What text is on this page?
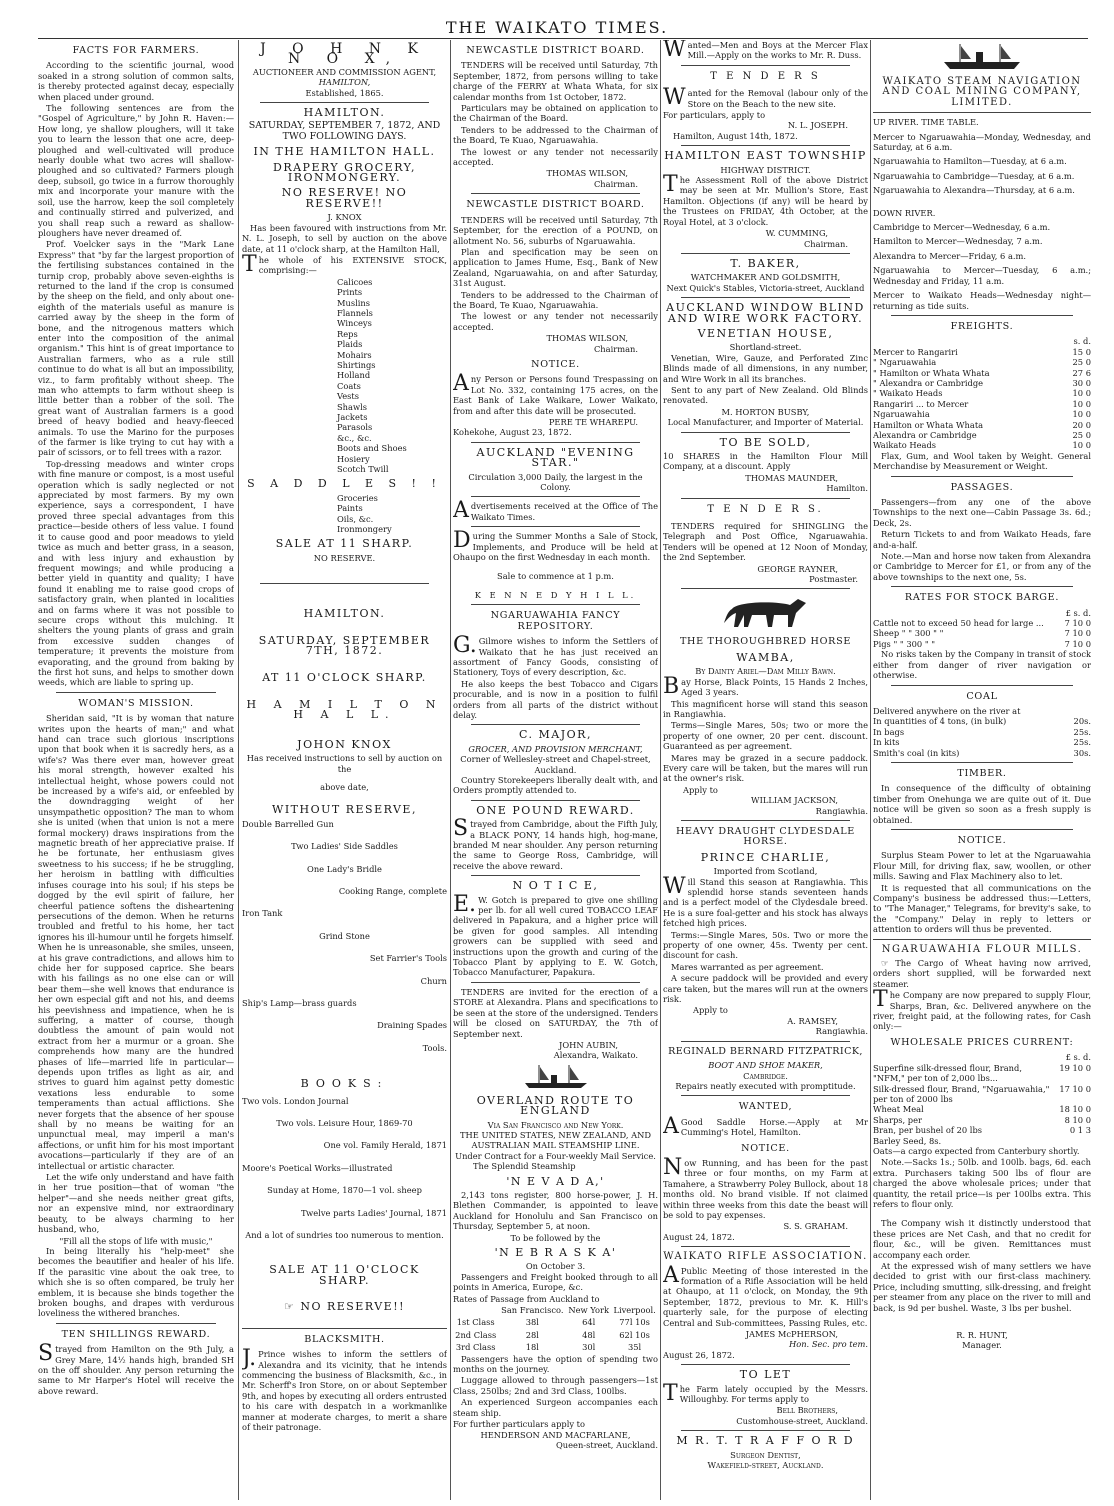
THE WAIKATO TIMES.
FACTS FOR FARMERS.

According to the scientific journal, wood soaked in a strong solution of common salts, is thereby protected against decay, especially when placed under ground.

The following sentences are from the "Gospel of Agriculture," by John R. Haven:—How long, ye shallow ploughers, will it take you to learn the lesson that one acre, deep-ploughed and well-cultivated will produce nearly double what two acres will shallow-ploughed and so cultivated? Farmers plough deep, subsoil, go twice in a furrow thoroughly mix and incorporate your manure with the soil, use the harrow, keep the soil completely and continually stirred and pulverized, and you shall reap such a reward as shallow-ploughers have never dreamed of.

Prof. Voelcker says in the "Mark Lane Express" that "by far the largest proportion of the fertilising substances contained in the turnip crop, probably above seven-eighths is returned to the land if the crop is consumed by the sheep on the field, and only about one-eighth of the materials useful as manure is carried away by the sheep in the form of bone, and the nitrogenous matters which enter into the composition of the animal organism." This hint is of great importance to Australian farmers, who as a rule still continue to do what is all but an impossibility, viz., to farm profitably without sheep. The man who attempts to farm without sheep is little better than a robber of the soil. The great want of Australian farmers is a good breed of heavy bodied and heavy-fleeced animals. To use the Marino for the purposes of the farmer is like trying to cut hay with a pair of scissors, or to fell trees with a razor.

Top-dressing meadows and winter crops with fine manure or compost, is a most useful operation which is sadly neglected or not appreciated by most farmers. By my own experience, says a correspondent, I have proved three special advantages from this practice—beside others of less value. I found it to cause good and poor meadows to yield twice as much and better grass, in a season, and with less injury and exhaustion by frequent mowings; and while producing a better yield in quantity and quality; I have found it enabling me to raise good crops of satisfactory grain, when planted in localities and on farms where it was not possible to secure crops without this mulching. It shelters the young plants of grass and grain from excessive sudden changes of temperature; it prevents the moisture from evaporating, and the ground from baking by the first hot suns, and helps to smother down weeds, which are liable to spring up.

WOMAN'S MISSION.

Sheridan said, "It is by woman that nature writes upon the hearts of man;" and what hand can trace such glorious inscriptions upon that book when it is sacredly hers, as a wife's? Was there ever man, however great his moral strength, however exalted his intellectual height, whose powers could not be increased by a wife's aid, or enfeebled by the downdragging weight of her unsympathetic opposition? The man to whom she is united (when that union is not a mere formal mockery) draws inspirations from the magnetic breath of her appreciative praise. If he be fortunate, her enthusiasm gives sweetness to his success; if he be struggling, her heroism in battling with difficulties infuses courage into his soul; if his steps be dogged by the evil spirit of failure, her cheerful patience softens the disheartening persecutions of the demon. When he returns troubled and fretful to his home, her tact ignores his ill-humour until he forgets himself. When he is unreasonable, she smiles, unseen, at his grave contradictions, and allows him to chide her for supposed caprice. She bears with his failings as no one else can or will bear them—she well knows that endurance is her own especial gift and not his, and deems his peevishness and impatience, when he is suffering, a matter of course, though doubtless the amount of pain would not extract from her a murmur or a groan. She comprehends how many are the hundred phases of life—married life in particular—depends upon trifles as light as air, and strives to guard him against petty domestic vexations less endurable to some temperaments than actual afflictions. She never forgets that the absence of her spouse shall by no means be waiting for an unpunctual meal, may imperil a man's affections, or unfit him for his most important avocations—particularly if they are of an intellectual or artistic character.

Let the wife only understand and have faith in her true position—that of woman "the helper"—and she needs neither great gifts, nor an expensive mind, nor extraordinary beauty, to be always charming to her husband, who,

"Fill all the stops of life with music,"

In being literally his "help-meet" she becomes the beautifier and healer of his life. If the parasitic vine about the oak tree, to which she is so often compared, be truly her emblem, it is because she binds together the broken boughs, and drapes with verdurous loveliness the withered branches.

TEN SHILLINGS REWARD.

Strayed from Hamilton on the 9th July, a Grey Mare, 14½ hands high, branded SH on the off shoulder. Any person returning the same to Mr Harper's Hotel will receive the above reward.

J O H N K N O X,
AUCTIONEER AND COMMISSION AGENT,
HAMILTON,
Established, 1865.
HAMILTON.
SATURDAY, SEPTEMBER 7, 1872, AND TWO FOLLOWING DAYS.
IN THE HAMILTON HALL.
DRAPERY GROCERY, IRONMONGERY.
NO RESERVE! NO RESERVE!!
J. KNOX

Has been favoured with instructions from Mr. N. L. Joseph, to sell by auction on the above date, at 11 o'clock sharp, at the Hamilton Hall,

The whole of his EXTENSIVE STOCK, comprising:—

Calicoes
Prints
Muslins
Flannels
Winceys
Reps
Plaids
Mohairs
Shirtings
Holland
Coats
Vests
Shawls
Jackets
Parasols
&c., &c.
Boots and Shoes
Hosiery
Scotch Twill
S A D D L E S ! !
Groceries
Paints
Oils, &c.
Ironmongery
SALE AT 11 SHARP.
NO RESERVE.
HAMILTON.
SATURDAY, SEPTEMBER 7TH, 1872.
AT 11 O'CLOCK SHARP.
H A M I L T O N H A L L.
JOHON KNOX
Has received instructions to sell by auction on the
above date,
WITHOUT RESERVE,
Double Barrelled Gun
Two Ladies' Side Saddles
One Lady's Bridle
Cooking Range, complete
Iron Tank
Grind Stone
Set Farrier's Tools
Churn
Ship's Lamp—brass guards
Draining Spades
Tools.
BOOKS:
Two vols. London Journal
Two vols. Leisure Hour, 1869-70
One vol. Family Herald, 1871
Moore's Poetical Works—illustrated
Sunday at Home, 1870—1 vol. sheep
Twelve parts Ladies' Journal, 1871
And a lot of sundries too numerous to mention.
SALE AT 11 O'CLOCK SHARP.
☞ NO RESERVE!!
BLACKSMITH.

J.Prince wishes to inform the settlers of Alexandra and its vicinity, that he intends commencing the business of Blacksmith, &c., in Mr. Scherff's Iron Store, on or about September 9th, and hopes by executing all orders entrusted to his care with despatch in a workmanlike manner at moderate charges, to merit a share of their patronage.

NEWCASTLE DISTRICT BOARD.

TENDERS will be received until Saturday, 7th September, 1872, from persons willing to take charge of the FERRY at Whata Whata, for six calendar months from 1st October, 1872.

Particulars may be obtained on application to the Chairman of the Board.

Tenders to be addressed to the Chairman of the Board, Te Kuao, Ngaruawahia.

The lowest or any tender not necessarily accepted.

THOMAS WILSON,
Chairman.
NEWCASTLE DISTRICT BOARD.

TENDERS will be received until Saturday, 7th September, for the erection of a POUND, on allotment No. 56, suburbs of Ngaruawahia.

Plan and specification may be seen on application to James Hume, Esq., Bank of New Zealand, Ngaruawahia, on and after Saturday, 31st August.

Tenders to be addressed to the Chairman of the Board, Te Kuao, Ngaruawahia.

The lowest or any tender not necessarily accepted.

THOMAS WILSON,
Chairman.
NOTICE.

Any Person or Persons found Trespassing on Lot No. 332, containing 175 acres, on the East Bank of Lake Waikare, Lower Waikato, from and after this date will be prosecuted.

PERE TE WHAREPU.
Kohekohe, August 23, 1872.
AUCKLAND "EVENING STAR."
Circulation 3,000 Daily, the largest in the Colony.

Advertisements received at the Office of The Waikato Times.

During the Summer Months a Sale of Stock, Implements, and Produce will be held at Ohaupo on the first Wednesday in each month.

Sale to commence at 1 p.m.
K E N N E D Y H I L L.
NGARUAWAHIA FANCY REPOSITORY.

G.Gilmore wishes to inform the Settlers of Waikato that he has just received an assortment of Fancy Goods, consisting of Stationery, Toys of every description, &c.

He also keeps the best Tobacco and Cigars procurable, and is now in a position to fulfil orders from all parts of the district without delay.

C. MAJOR,
GROCER, AND PROVISION MERCHANT,
Corner of Wellesley-street and Chapel-street, Auckland.

Country Storekeepers liberally dealt with, and Orders promptly attended to.

ONE POUND REWARD.

Strayed from Cambridge, about the Fifth July, a BLACK PONY, 14 hands high, hog-mane, branded M near shoulder. Any person returning the same to George Ross, Cambridge, will receive the above reward.

N O T I C E,

E.W. Gotch is prepared to give one shilling per lb. for all well cured TOBACCO LEAF delivered in Papakura, and a higher price will be given for good samples. All intending growers can be supplied with seed and instructions upon the growth and curing of the Tobacco Plant by applying to E. W. Gotch, Tobacco Manufacturer, Papakura.

TENDERS are invited for the erection of a STORE at Alexandra. Plans and specifications to be seen at the store of the undersigned. Tenders will be closed on SATURDAY, the 7th of September next.

JOHN AUBIN,
Alexandra, Waikato.
OVERLAND ROUTE TO ENGLAND
Via San Francisco and New York.
THE UNITED STATES, NEW ZEALAND, AND AUSTRALIAN MAIL STEAMSHIP LINE.
Under Contract for a Four-weekly Mail Service.
The Splendid Steamship
'N E V A D A,'

2,143 tons register, 800 horse-power, J. H. Blethen Commander, is appointed to leave Auckland for Honolulu and San Francisco on Thursday, September 5, at noon.

To be followed by the
'N E B R A S K A'
On October 3.

Passengers and Freight booked through to all points in America, Europe, &c.

Rates of Passage from Auckland to
	San Francisco.	New York	Liverpool.
1st Class	38l	64l	77l 10s
2nd Class	28l	48l	62l 10s
3rd Class	18l	30l	35l

Passengers have the option of spending two months on the journey.

Luggage allowed to through passengers—1st Class, 250lbs; 2nd and 3rd Class, 100lbs.

An experienced Surgeon accompanies each steam ship.

For further particulars apply to
HENDERSON AND MACFARLANE,
Queen-street, Auckland.

Wanted—Men and Boys at the Mercer Flax Mill.—Apply on the works to Mr. R. Duss.

T E N D E R S

Wanted for the Removal (labour only of the Store on the Beach to the new site.

For particulars, apply to
N. L. JOSEPH.
Hamilton, August 14th, 1872.
HAMILTON EAST TOWNSHIP
HIGHWAY DISTRICT.

The Assessment Roll of the above District may be seen at Mr. Mullion's Store, East Hamilton. Objections (if any) will be heard by the Trustees on FRIDAY, 4th October, at the Royal Hotel, at 3 o'clock.

W. CUMMING,
Chairman.
T. BAKER,
WATCHMAKER AND GOLDSMITH,
Next Quick's Stables, Victoria-street, Auckland
AUCKLAND WINDOW BLIND AND WIRE WORK FACTORY.
VENETIAN HOUSE,
Shortland-street.

Venetian, Wire, Gauze, and Perforated Zinc Blinds made of all dimensions, in any number, and Wire Work in all its branches.

Sent to any part of New Zealand. Old Blinds renovated.

M. HORTON BUSBY,
Local Manufacturer, and Importer of Material.
TO BE SOLD,

10 SHARES in the Hamilton Flour Mill Company, at a discount. Apply

THOMAS MAUNDER,
Hamilton.
T E N D E R S.

TENDERS required for SHINGLING the Telegraph and Post Office, Ngaruawahia. Tenders will be opened at 12 Noon of Monday, the 2nd September.

GEORGE RAYNER,
Postmaster.
THE THOROUGHBRED HORSE
WAMBA,
By Dainty Ariel—Dam Milly Bawn.

Bay Horse, Black Points, 15 Hands 2 Inches, Aged 3 years.

This magnificent horse will stand this season in Rangiawhia.

Terms—Single Mares, 50s; two or more the property of one owner, 20 per cent. discount. Guaranteed as per agreement.

Mares may be grazed in a secure paddock. Every care will be taken, but the mares will run at the owner's risk.

Apply to
WILLIAM JACKSON,
Rangiawhia.
HEAVY DRAUGHT CLYDESDALE HORSE.
PRINCE CHARLIE,
Imported from Scotland,

Will Stand this season at Rangiawhia. This splendid horse stands seventeen hands and is a perfect model of the Clydesdale breed. He is a sure foal-getter and his stock has always fetched high prices.

Terms:—Single Mares, 50s. Two or more the property of one owner, 45s. Twenty per cent. discount for cash.

Mares warranted as per agreement.

A secure paddock will be provided and every care taken, but the mares will run at the owners risk.

Apply to
A. RAMSEY,
Rangiawhia.
REGINALD BERNARD FITZPATRICK,
BOOT AND SHOE MAKER,
Cambridge.
Repairs neatly executed with promptitude.
WANTED,

AGood Saddle Horse.—Apply at Mr Cumming's Hotel, Hamilton.

NOTICE.

Now Running, and has been for the past three or four months, on my Farm at Tamahere, a Strawberry Poley Bullock, about 18 months old. No brand visible. If not claimed within three weeks from this date the beast will be sold to pay expenses.

S. S. GRAHAM.
August 24, 1872.
WAIKATO RIFLE ASSOCIATION.

APublic Meeting of those interested in the formation of a Rifle Association will be held at Ohaupo, at 11 o'clock, on Monday, the 9th September, 1872, previous to Mr. K. Hill's quarterly sale, for the purpose of electing Central and Sub-committees, Passing Rules, etc.

JAMES McPHERSON,
Hon. Sec. pro tem.
August 26, 1872.
TO LET

The Farm lately occupied by the Messrs. Willoughby. For terms apply to

Bell Brothers,
Customhouse-street, Auckland.
M R. T. T R A F F O R D
Surgeon Dentist,
Wakefield-street, Auckland.
WAIKATO STEAM NAVIGATION AND COAL MINING COMPANY, LIMITED.
UP RIVER. TIME TABLE.

Mercer to Ngaruawahia—Monday, Wednesday, and Saturday, at 6 a.m.

Ngaruawahia to Hamilton—Tuesday, at 6 a.m.

Ngaruawahia to Cambridge—Tuesday, at 6 a.m.

Ngaruawahia to Alexandra—Thursday, at 6 a.m.

DOWN RIVER.

Cambridge to Mercer—Wednesday, 6 a.m.

Hamilton to Mercer—Wednesday, 7 a.m.

Alexandra to Mercer—Friday, 6 a.m.

Ngaruawahia to Mercer—Tuesday, 6 a.m.; Wednesday and Friday, 11 a.m.

Mercer to Waikato Heads—Wednesday night—returning as tide suits.

FREIGHTS.
s. d.
Mercer to Rangariri	15 0
" Ngaruawahia	25 0
" Hamilton or Whata Whata	27 6
" Alexandra or Cambridge	30 0
" Waikato Heads	10 0
Rangariri ... to Mercer	10 0
Ngaruawahia	10 0
Hamilton or Whata Whata	20 0
Alexandra or Cambridge	25 0
Waikato Heads	10 0

Flax, Gum, and Wool taken by Weight. General Merchandise by Measurement or Weight.

PASSAGES.

Passengers—from any one of the above Townships to the next one—Cabin Passage 3s. 6d.; Deck, 2s.

Return Tickets to and from Waikato Heads, fare and-a-half.

Note.—Man and horse now taken from Alexandra or Cambridge to Mercer for £1, or from any of the above townships to the next one, 5s.

RATES FOR STOCK BARGE.
£ s. d.
Cattle not to exceed 50 head for large ...	7 10 0
Sheep " " 300 " "	7 10 0
Pigs " " 300 " "	7 10 0

No risks taken by the Company in transit of stock either from danger of river navigation or otherwise.

COAL
Delivered anywhere on the river at
In quantities of 4 tons, (in bulk)	20s.
In bags	25s.
In kits	25s.
Smith's coal (in kits)	30s.
TIMBER.

In consequence of the difficulty of obtaining timber from Onehunga we are quite out of it. Due notice will be given so soon as a fresh supply is obtained.

NOTICE.

Surplus Steam Power to let at the Ngaruawahia Flour Mill, for driving flax, saw, woollen, or other mills. Sawing and Flax Machinery also to let.

It is requested that all communications on the Company's business be addressed thus:—Letters, to "The Manager," Telegrams, for brevity's sake, to the "Company." Delay in reply to letters or attention to orders will thus be prevented.

NGARUAWAHIA FLOUR MILLS.

☞ The Cargo of Wheat having now arrived, orders short supplied, will be forwarded next steamer.

The Company are now prepared to supply Flour, Sharps, Bran, &c. Delivered anywhere on the river, freight paid, at the following rates, for Cash only:—

WHOLESALE PRICES CURRENT:
£ s. d.
Superfine silk-dressed flour, Brand, "NFM," per ton of 2,000 lbs...
19 10 0
Silk-dressed flour, Brand, "Ngaruawahia," per ton of 2000 lbs
17 10 0
Wheat Meal	18 10 0
Sharps, per	8 10 0
Bran, per bushel of 20 lbs	0 1 3
Barley Seed, 8s.

Oats—a cargo expected from Canterbury shortly.

Note.—Sacks 1s.; 50lb. and 100lb. bags, 6d. each extra. Purchasers taking 500 lbs of flour are charged the above wholesale prices; under that quantity, the retail price—is per 100lbs extra. This refers to flour only.

The Company wish it distinctly understood that these prices are Net Cash, and that no credit for flour, &c., will be given. Remittances must accompany each order.

At the expressed wish of many settlers we have decided to grist with our first-class machinery. Price, including smutting, silk-dressing, and freight per steamer from any place on the river to mill and back, is 9d per bushel. Waste, 3 lbs per bushel.

R. R. HUNT,
Manager.
